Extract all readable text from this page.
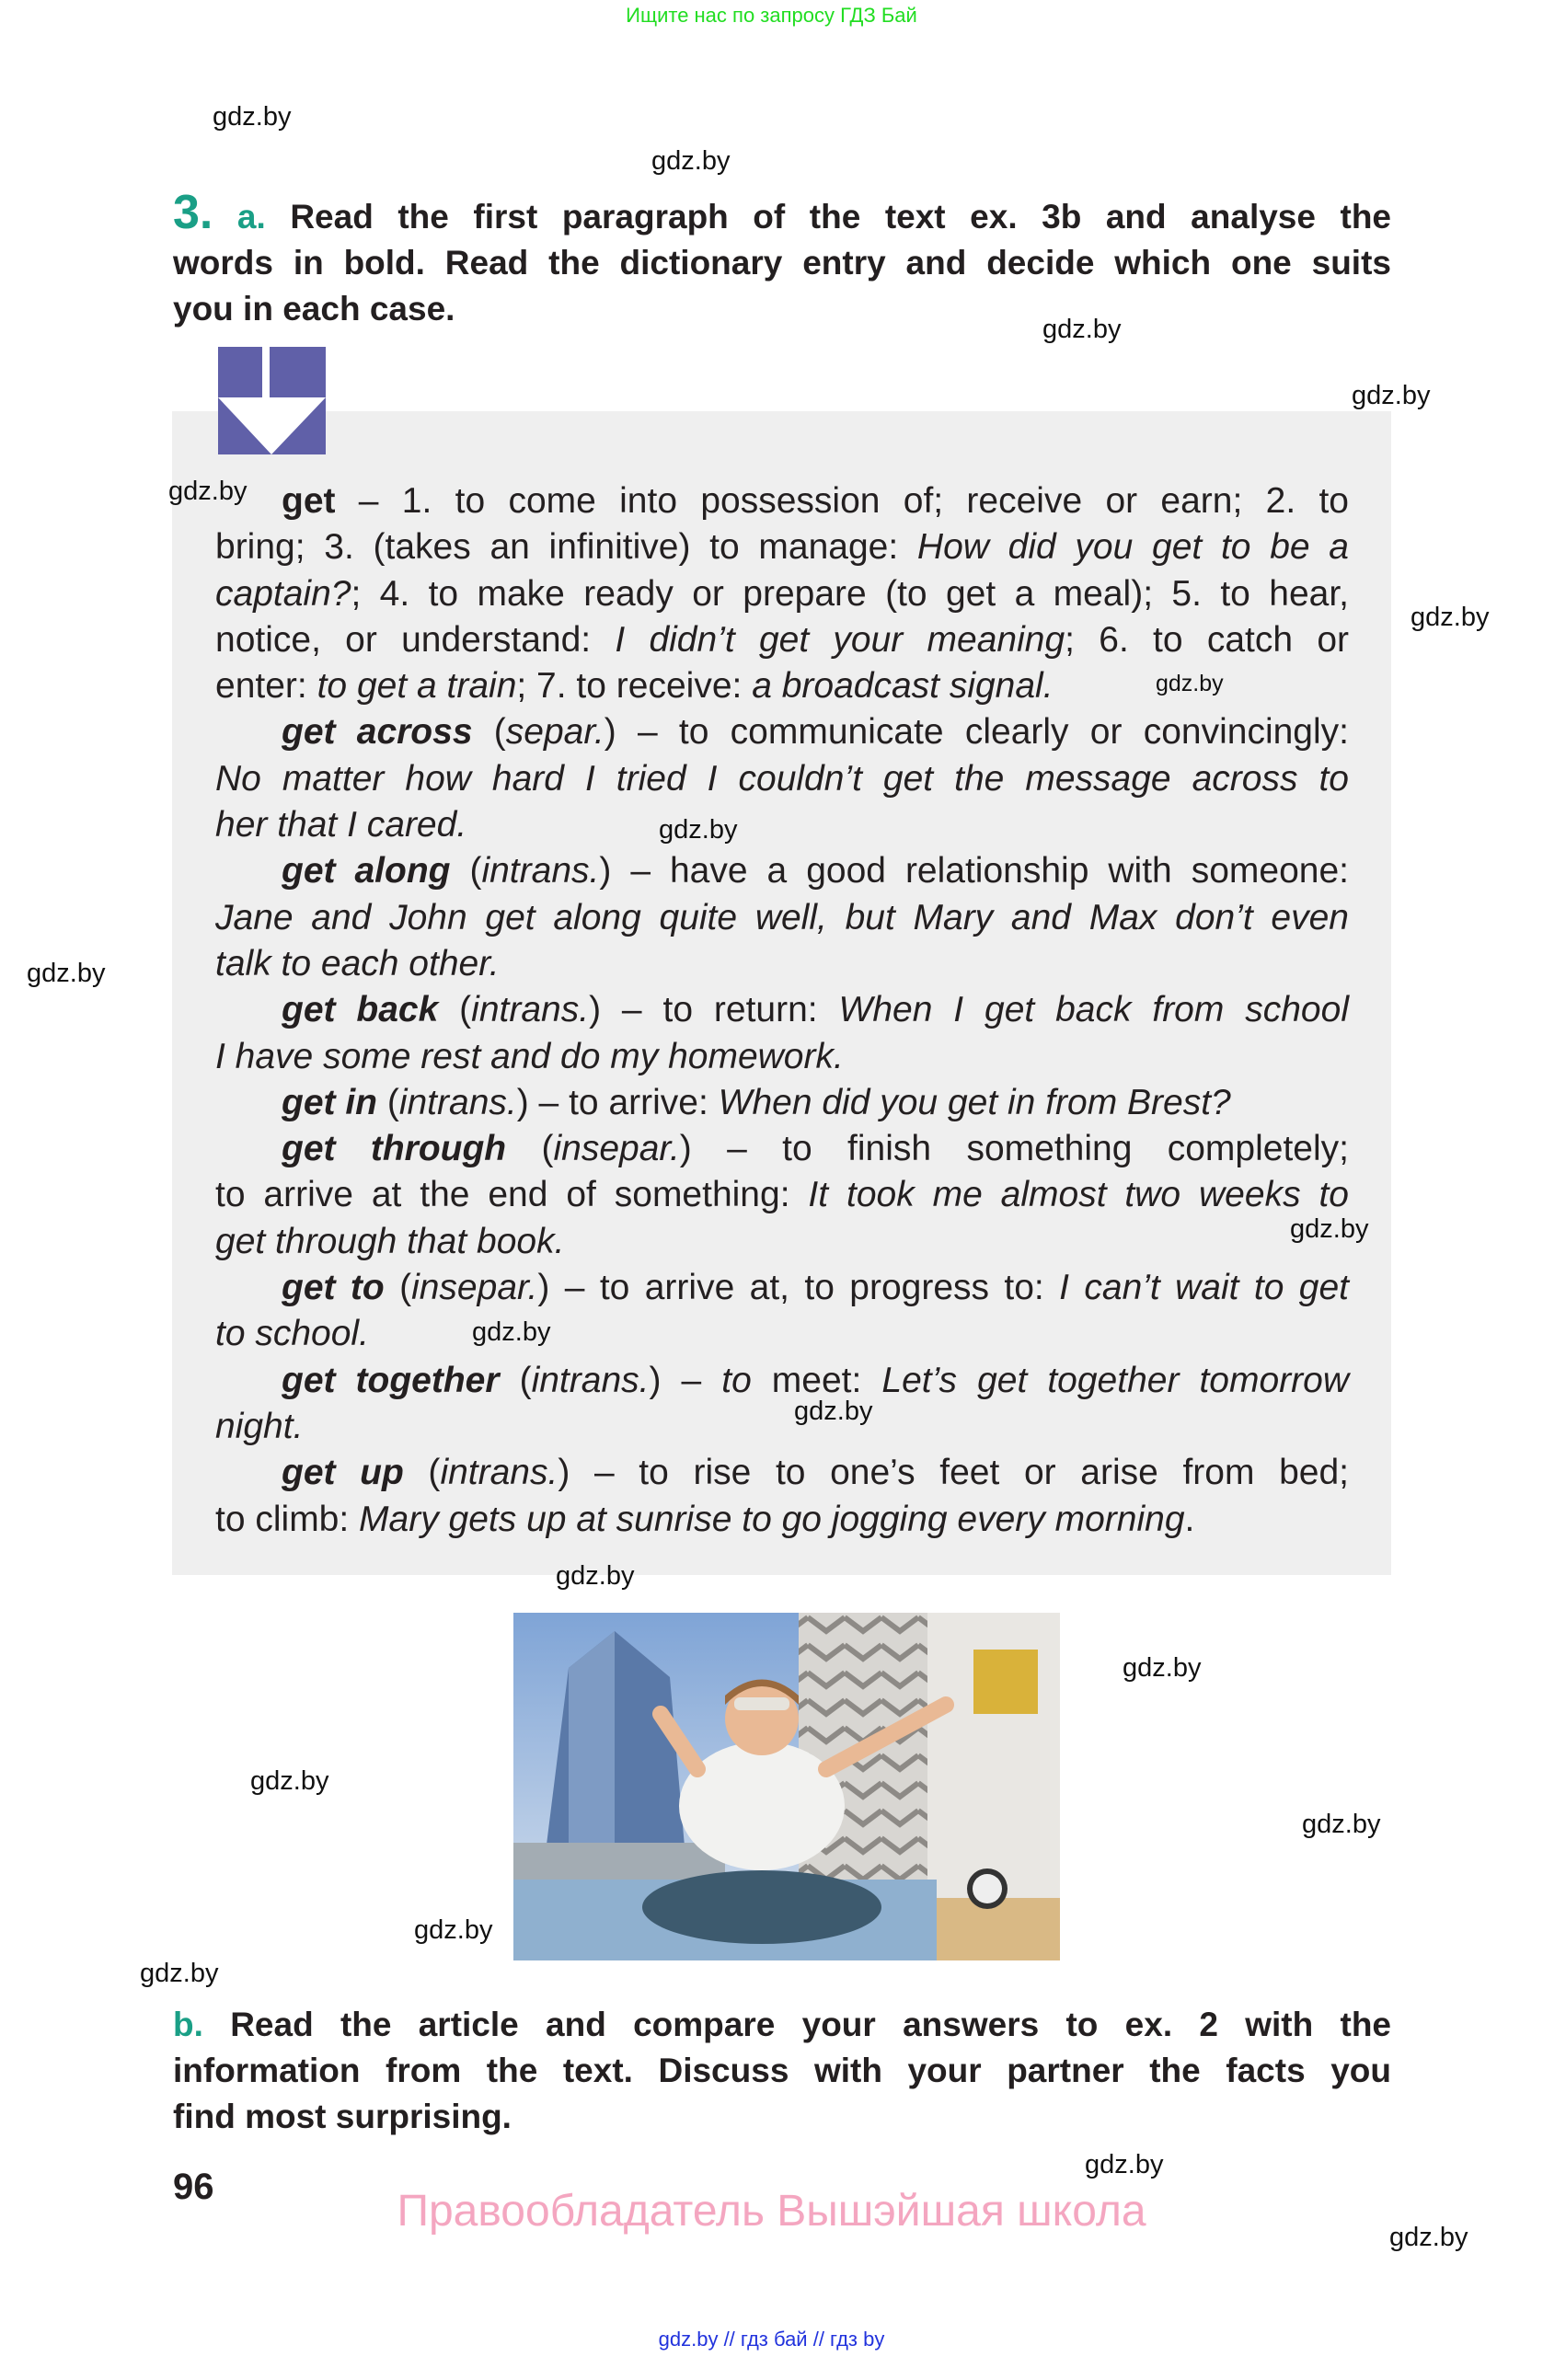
Ищите нас по запросу ГДЗ Бай
gdz.by
gdz.by
gdz.by
gdz.by
gdz.by
gdz.by
gdz.by
gdz.by
gdz.by
gdz.by
gdz.by
gdz.by
gdz.by
gdz.by
3. a. Read the first paragraph of the text ex. 3b and analyse the
words in bold. Read the dictionary entry and decide which one suits
you in each case.
get – 1. to come into possession of; receive or earn; 2. to
bring; 3. (takes an infinitive) to manage: How did you get to be a
captain?; 4. to make ready or prepare (to get a meal); 5. to hear,
notice, or understand: I didn’t get your meaning; 6. to catch or
enter: to get a train; 7. to receive: a broadcast signal.
get across (separ.) – to communicate clearly or convincingly:
No matter how hard I tried I couldn’t get the message across to
her that I cared.
get along (intrans.) – have a good relationship with someone:
Jane and John get along quite well, but Mary and Max don’t even
talk to each other.
get back (intrans.) – to return: When I get back from school
I have some rest and do my homework.
get in (intrans.) – to arrive: When did you get in from Brest?
get through (insepar.) – to finish something completely;
to arrive at the end of something: It took me almost two weeks to
get through that book.
get to (insepar.) – to arrive at, to progress to: I can’t wait to get
to school.
get together (intrans.) – to meet: Let’s get together tomorrow
night.
get up (intrans.) – to rise to one’s feet or arise from bed;
to climb: Mary gets up at sunrise to go jogging every morning.
gdz.by
gdz.by
gdz.by
gdz.by
gdz.by
gdz.by
b. Read the article and compare your answers to ex. 2 with the
information from the text. Discuss with your partner the facts you
find most surprising.
96	Правообладатель Вышэйшая школа
gdz.by // гдз бай // гдз by
